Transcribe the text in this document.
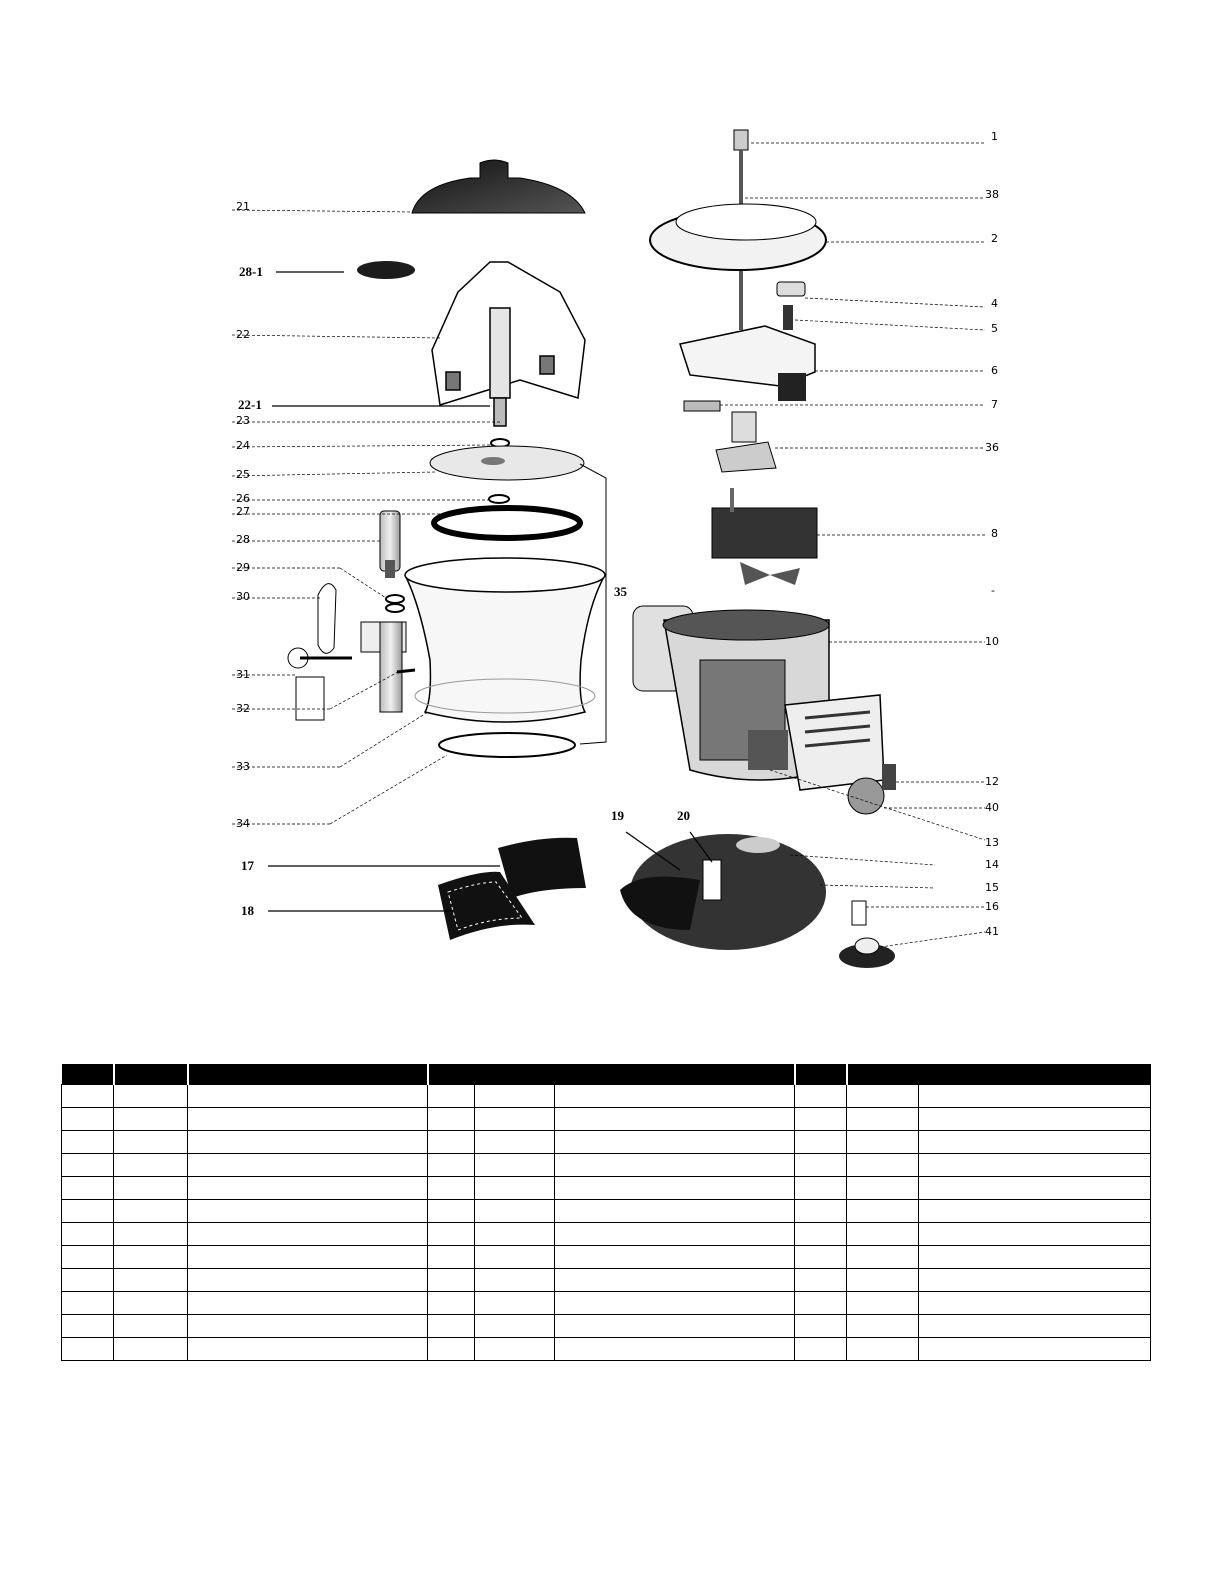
1
38
2
4
5
6
7
36
8
-
10
12
40
13
14
15
16
41
19	20
17
18
21
28-1
22
22-1
23
24
25
26
27
28
29
30
31
32
33
34
35
